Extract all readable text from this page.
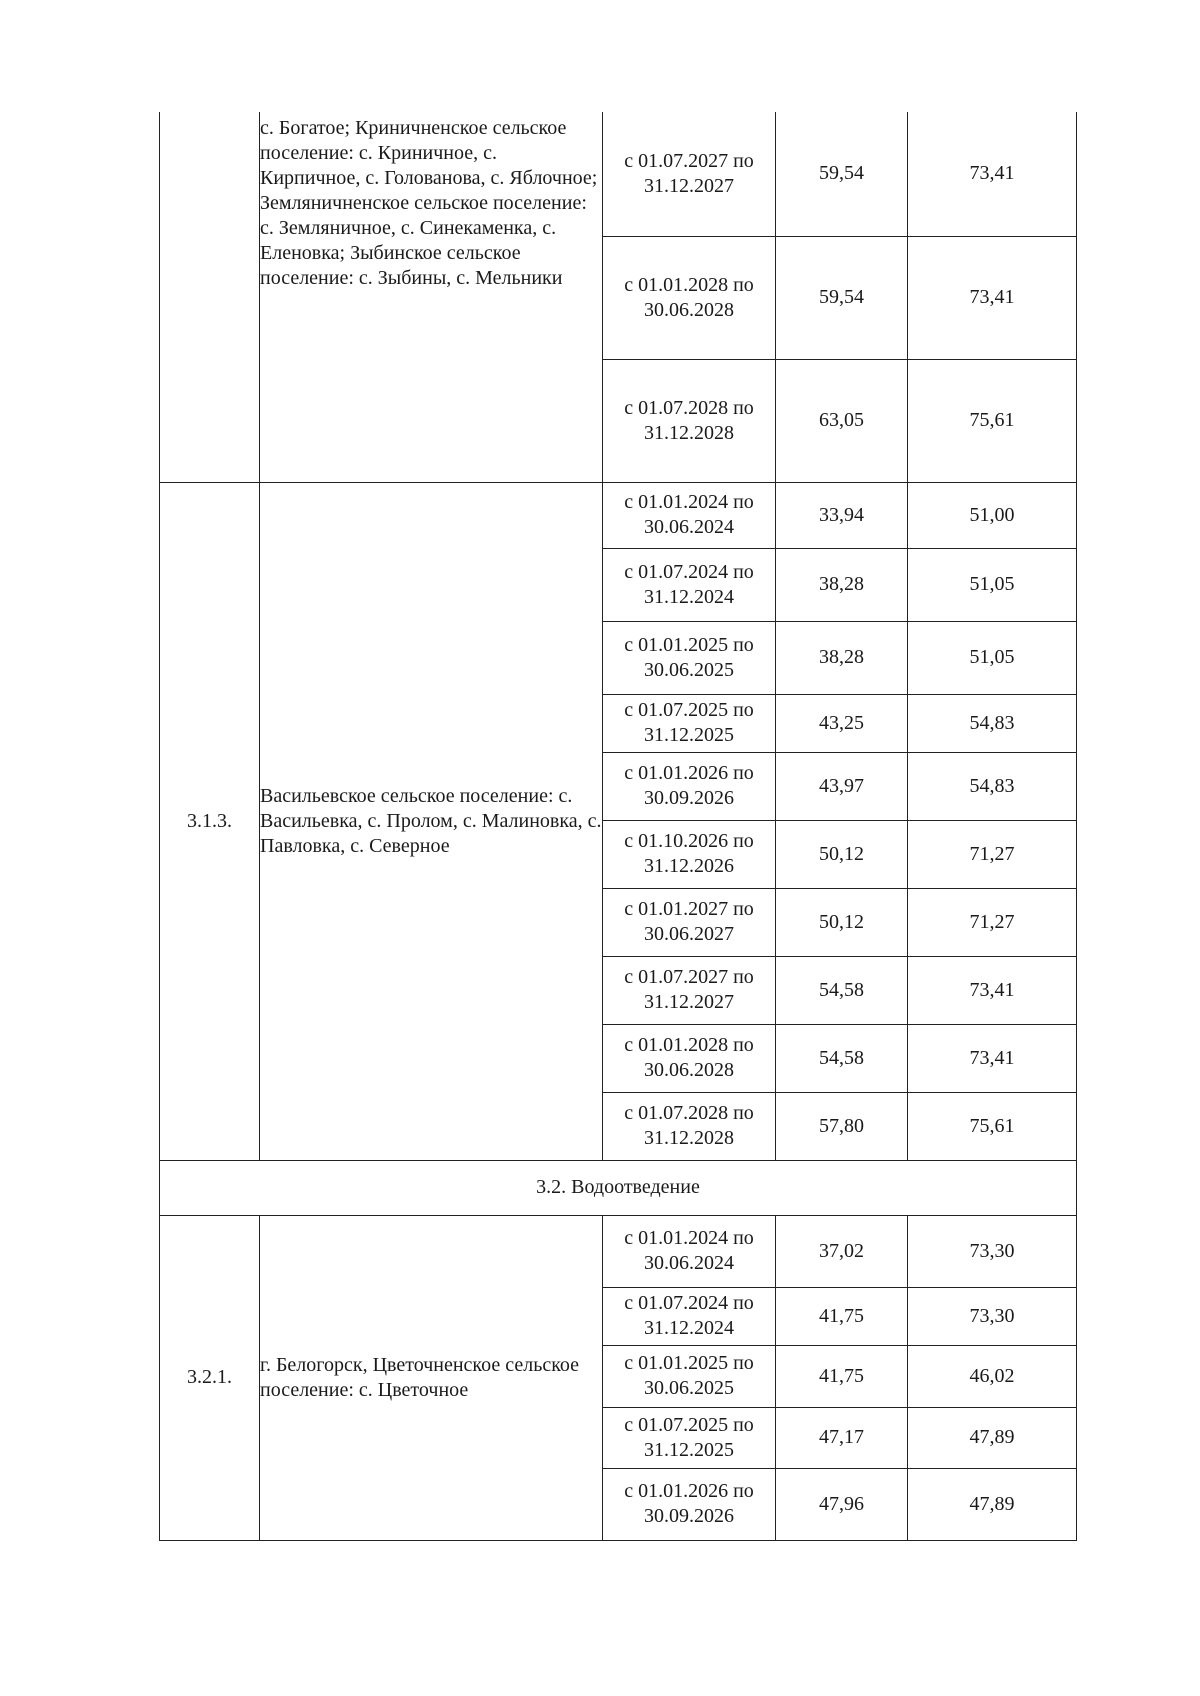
	с. Богатое; Криничненское сельское поселение: с. Криничное, с. Кирпичное, с. Голованова, с. Яблочное; Земляничненское сельское поселение: с. Земляничное, с. Синекаменка, с. Еленовка; Зыбинское сельское поселение: с. Зыбины, с. Мельники	с 01.07.2027 по 31.12.2027	59,54	73,41
		с 01.01.2028 по 30.06.2028	59,54	73,41
		с 01.07.2028 по 31.12.2028	63,05	75,61
3.1.3.	Васильевское сельское поселение: с. Васильевка, с. Пролом, с. Малиновка, с. Павловка, с. Северное	с 01.01.2024 по 30.06.2024	33,94	51,00
		с 01.07.2024 по 31.12.2024	38,28	51,05
		с 01.01.2025 по 30.06.2025	38,28	51,05
		с 01.07.2025 по 31.12.2025	43,25	54,83
		с 01.01.2026 по 30.09.2026	43,97	54,83
		с 01.10.2026 по 31.12.2026	50,12	71,27
		с 01.01.2027 по 30.06.2027	50,12	71,27
		с 01.07.2027 по 31.12.2027	54,58	73,41
		с 01.01.2028 по 30.06.2028	54,58	73,41
		с 01.07.2028 по 31.12.2028	57,80	75,61
3.2. Водоотведение				
3.2.1.	г. Белогорск, Цветочненское сельское поселение: с. Цветочное	с 01.01.2024 по 30.06.2024	37,02	73,30
		с 01.07.2024 по 31.12.2024	41,75	73,30
		с 01.01.2025 по 30.06.2025	41,75	46,02
		с 01.07.2025 по 31.12.2025	47,17	47,89
		с 01.01.2026 по 30.09.2026	47,96	47,89
